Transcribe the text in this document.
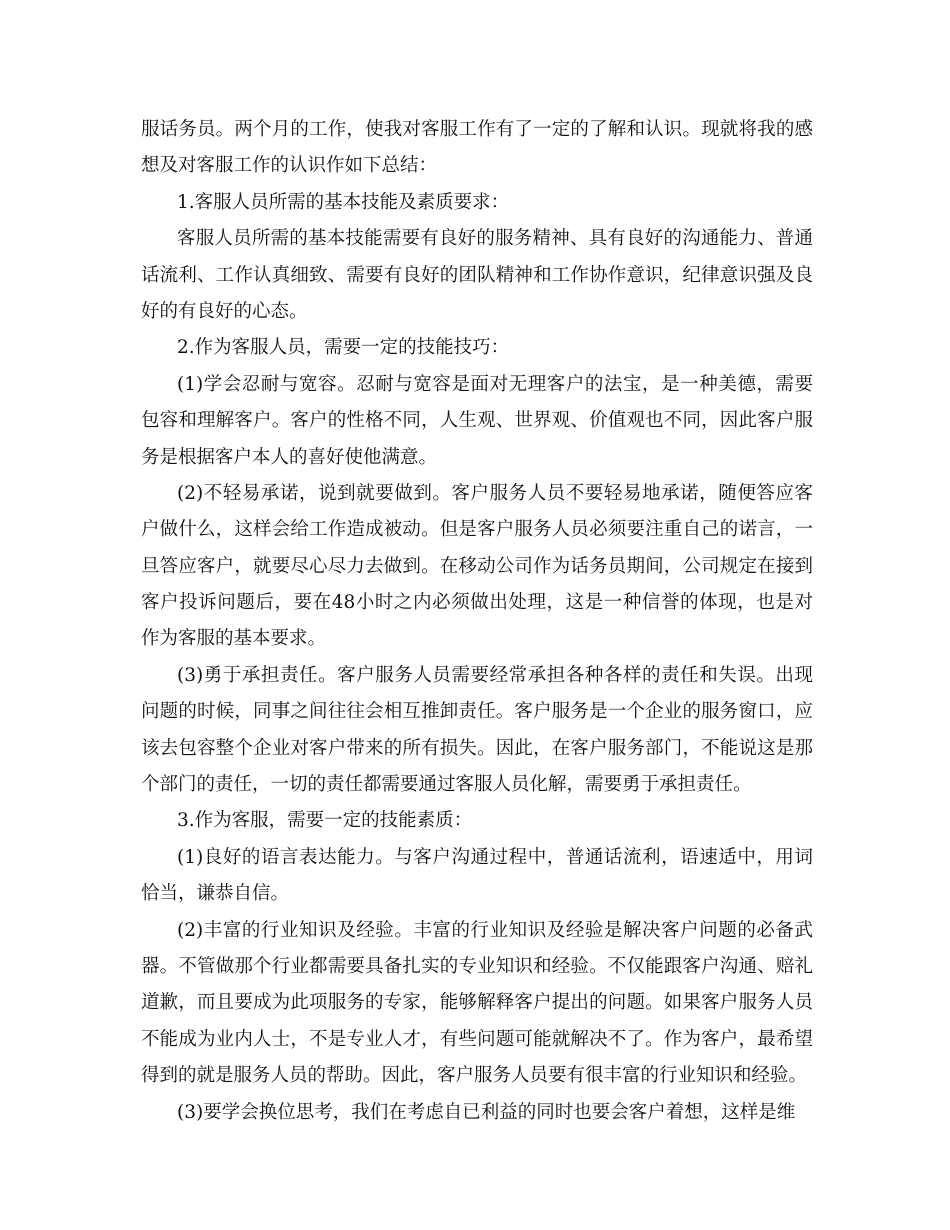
服话务员。两个月的工作，使我对客服工作有了一定的了解和认识。现就将我的感
想及对客服工作的认识作如下总结：
1.客服人员所需的基本技能及素质要求：
客服人员所需的基本技能需要有良好的服务精神、具有良好的沟通能力、普通
话流利、工作认真细致、需要有良好的团队精神和工作协作意识，纪律意识强及良
好的有良好的心态。
2.作为客服人员，需要一定的技能技巧：
(1)学会忍耐与宽容。忍耐与宽容是面对无理客户的法宝，是一种美德，需要
包容和理解客户。客户的性格不同，人生观、世界观、价值观也不同，因此客户服
务是根据客户本人的喜好使他满意。
(2)不轻易承诺，说到就要做到。客户服务人员不要轻易地承诺，随便答应客
户做什么，这样会给工作造成被动。但是客户服务人员必须要注重自己的诺言，一
旦答应客户，就要尽心尽力去做到。在移动公司作为话务员期间，公司规定在接到
客户投诉问题后，要在48小时之内必须做出处理，这是一种信誉的体现，也是对
作为客服的基本要求。
(3)勇于承担责任。客户服务人员需要经常承担各种各样的责任和失误。出现
问题的时候，同事之间往往会相互推卸责任。客户服务是一个企业的服务窗口，应
该去包容整个企业对客户带来的所有损失。因此，在客户服务部门，不能说这是那
个部门的责任，一切的责任都需要通过客服人员化解，需要勇于承担责任。
3.作为客服，需要一定的技能素质：
(1)良好的语言表达能力。与客户沟通过程中，普通话流利，语速适中，用词
恰当，谦恭自信。
(2)丰富的行业知识及经验。丰富的行业知识及经验是解决客户问题的必备武
器。不管做那个行业都需要具备扎实的专业知识和经验。不仅能跟客户沟通、赔礼
道歉，而且要成为此项服务的专家，能够解释客户提出的问题。如果客户服务人员
不能成为业内人士，不是专业人才，有些问题可能就解决不了。作为客户，最希望
得到的就是服务人员的帮助。因此，客户服务人员要有很丰富的行业知识和经验。
(3)要学会换位思考，我们在考虑自已利益的同时也要会客户着想，这样是维
